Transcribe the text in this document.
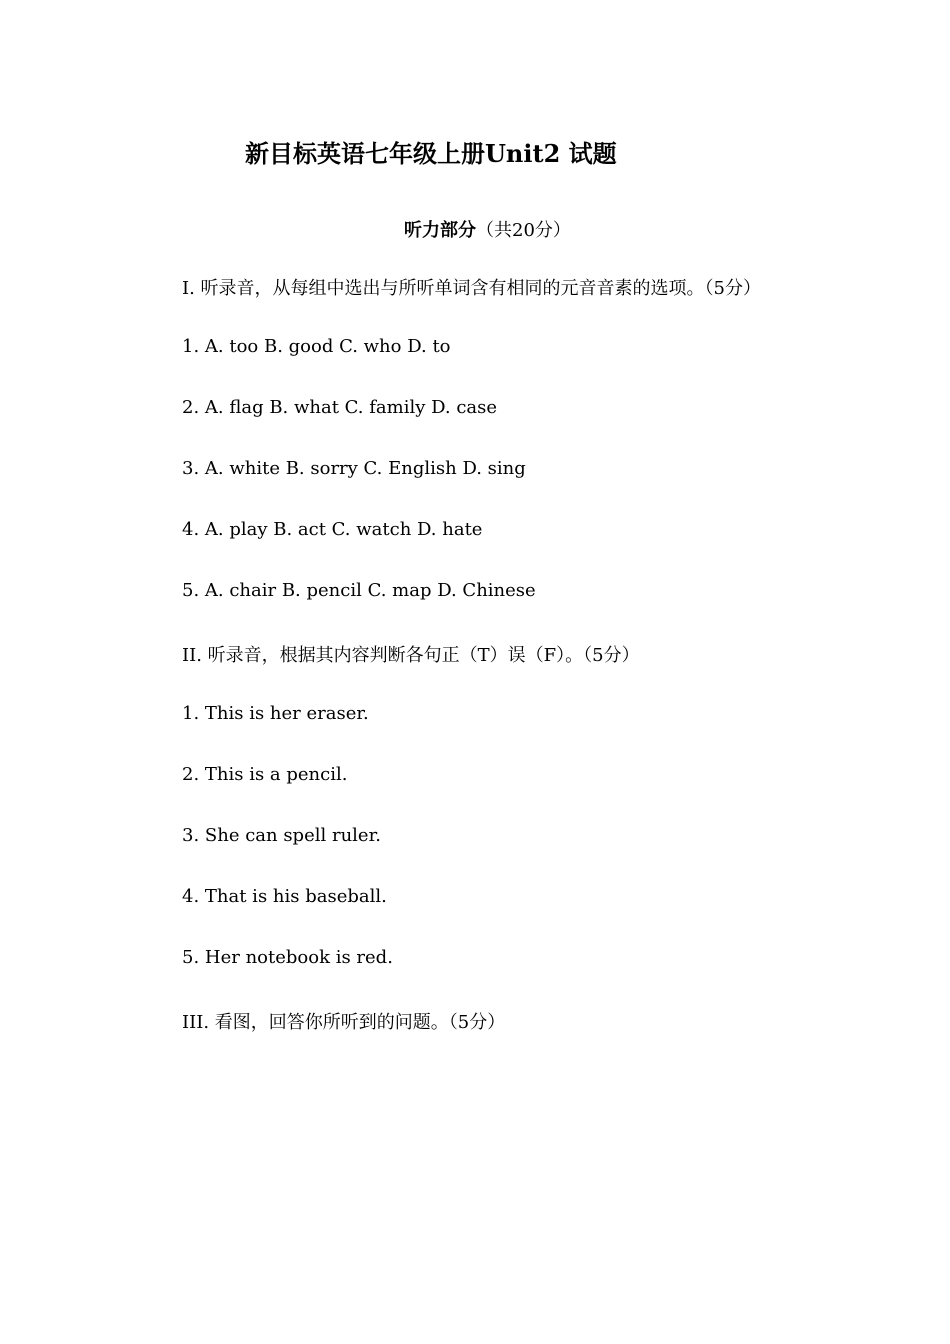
新目标英语七年级上册Unit2 试题
听力部分（共20分）
I. 听录音，从每组中选出与所听单词含有相同的元音音素的选项。（5分）
1. A. too B. good C. who D. to
2. A. flag B. what C. family D. case
3. A. white B. sorry C. English D. sing
4. A. play B. act C. watch D. hate
5. A. chair B. pencil C. map D. Chinese
II. 听录音，根据其内容判断各句正（T）误（F）。（5分）
1. This is her eraser.
2. This is a pencil.
3. She can spell ruler.
4. That is his baseball.
5. Her notebook is red.
III. 看图，回答你所听到的问题。（5分）
